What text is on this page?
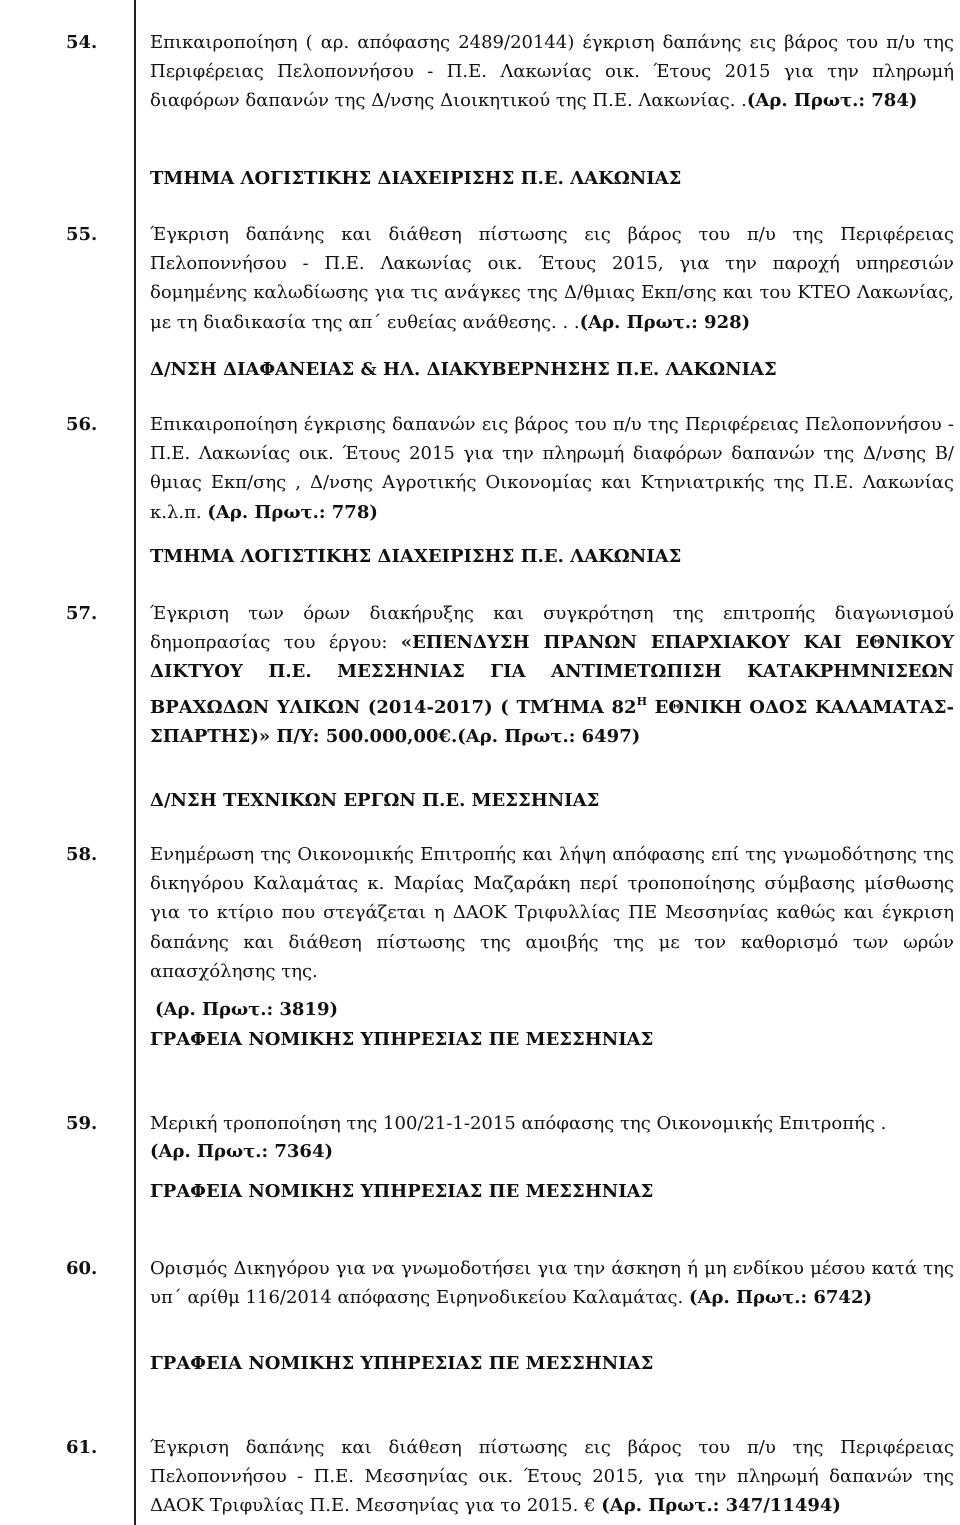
54.	Επικαιροποίηση ( αρ. απόφασης 2489/20144) έγκριση δαπάνης εις βάρος του π/υ της Περιφέρειας Πελοποννήσου - Π.Ε. Λακωνίας οικ. Έτους 2015 για την πληρωμή διαφόρων δαπανών της Δ/νσης Διοικητικού της Π.Ε. Λακωνίας. .(Αρ. Πρωτ.: 784)
ΤΜΗΜΑ ΛΟΓΙΣΤΙΚΗΣ ΔΙΑΧΕΙΡΙΣΗΣ Π.Ε. ΛΑΚΩΝΙΑΣ
55.	Έγκριση δαπάνης και διάθεση πίστωσης εις βάρος του π/υ της Περιφέρειας Πελοποννήσου - Π.Ε. Λακωνίας οικ. Έτους 2015, για την παροχή υπηρεσιών δομημένης καλωδίωσης για τις ανάγκες της Δ/θμιας Εκπ/σης και του ΚΤΕΟ Λακωνίας, με τη διαδικασία της απ΄ ευθείας ανάθεσης. . .(Αρ. Πρωτ.: 928)
Δ/ΝΣΗ ΔΙΑΦΑΝΕΙΑΣ & ΗΛ. ΔΙΑΚΥΒΕΡΝΗΣΗΣ Π.Ε. ΛΑΚΩΝΙΑΣ
56.	Επικαιροποίηση έγκρισης δαπανών εις βάρος του π/υ της Περιφέρειας Πελοποννήσου - Π.Ε. Λακωνίας οικ. Έτους 2015 για την πληρωμή διαφόρων δαπανών της Δ/νσης Β/θμιας Εκπ/σης , Δ/νσης Αγροτικής Οικονομίας και Κτηνιατρικής της Π.Ε. Λακωνίας κ.λ.π. (Αρ. Πρωτ.: 778)
ΤΜΗΜΑ ΛΟΓΙΣΤΙΚΗΣ ΔΙΑΧΕΙΡΙΣΗΣ Π.Ε. ΛΑΚΩΝΙΑΣ
57.	Έγκριση των όρων διακήρυξης και συγκρότηση της επιτροπής διαγωνισμού δημοπρασίας του έργου: «ΕΠΕΝΔΥΣΗ ΠΡΑΝΩΝ ΕΠΑΡΧΙΑΚΟΥ ΚΑΙ ΕΘΝΙΚΟΥ ΔΙΚΤΥΟΥ Π.Ε. ΜΕΣΣΗΝΙΑΣ ΓΙΑ ΑΝΤΙΜΕΤΩΠΙΣΗ ΚΑΤΑΚΡΗΜΝΙΣΕΩΝ ΒΡΑΧΩΔΩΝ ΥΛΙΚΩΝ (2014-2017) ( ΤΜΉΜΑ $82^H$ ΕΘΝΙΚΗ ΟΔΟΣ ΚΑΛΑΜΑΤΑΣ-ΣΠΑΡΤΗΣ)» Π/Υ: 500.000,00€.(Αρ. Πρωτ.: 6497)
Δ/ΝΣΗ ΤΕΧΝΙΚΩΝ ΕΡΓΩΝ Π.Ε. ΜΕΣΣΗΝΙΑΣ
58.	Ενημέρωση της Οικονομικής Επιτροπής και λήψη απόφασης επί της γνωμοδότησης της δικηγόρου Καλαμάτας κ. Μαρίας Μαζαράκη περί τροποποίησης σύμβασης μίσθωσης για το κτίριο που στεγάζεται η ΔΑΟΚ Τριφυλλίας ΠΕ Μεσσηνίας καθώς και έγκριση δαπάνης και διάθεση πίστωσης της αμοιβής της με τον καθορισμό των ωρών απασχόλησης της.
(Αρ. Πρωτ.: 3819)
ΓΡΑΦΕΙΑ ΝΟΜΙΚΗΣ ΥΠΗΡΕΣΙΑΣ ΠΕ ΜΕΣΣΗΝΙΑΣ
59.	Μερική τροποποίηση της 100/21-1-2015 απόφασης της Οικονομικής Επιτροπής .
(Αρ. Πρωτ.: 7364)
ΓΡΑΦΕΙΑ ΝΟΜΙΚΗΣ ΥΠΗΡΕΣΙΑΣ ΠΕ ΜΕΣΣΗΝΙΑΣ
60.	Ορισμός Δικηγόρου για να γνωμοδοτήσει για την άσκηση ή μη ενδίκου μέσου κατά της υπ΄ αρίθμ 116/2014 απόφασης Ειρηνοδικείου Καλαμάτας. (Αρ. Πρωτ.: 6742)
ΓΡΑΦΕΙΑ ΝΟΜΙΚΗΣ ΥΠΗΡΕΣΙΑΣ ΠΕ ΜΕΣΣΗΝΙΑΣ
61.	Έγκριση δαπάνης και διάθεση πίστωσης εις βάρος του π/υ της Περιφέρειας Πελοποννήσου - Π.Ε. Μεσσηνίας οικ. Έτους 2015, για την πληρωμή δαπανών της ΔΑΟΚ Τριφυλίας Π.Ε. Μεσσηνίας για το 2015. € (Αρ. Πρωτ.: 347/11494)
